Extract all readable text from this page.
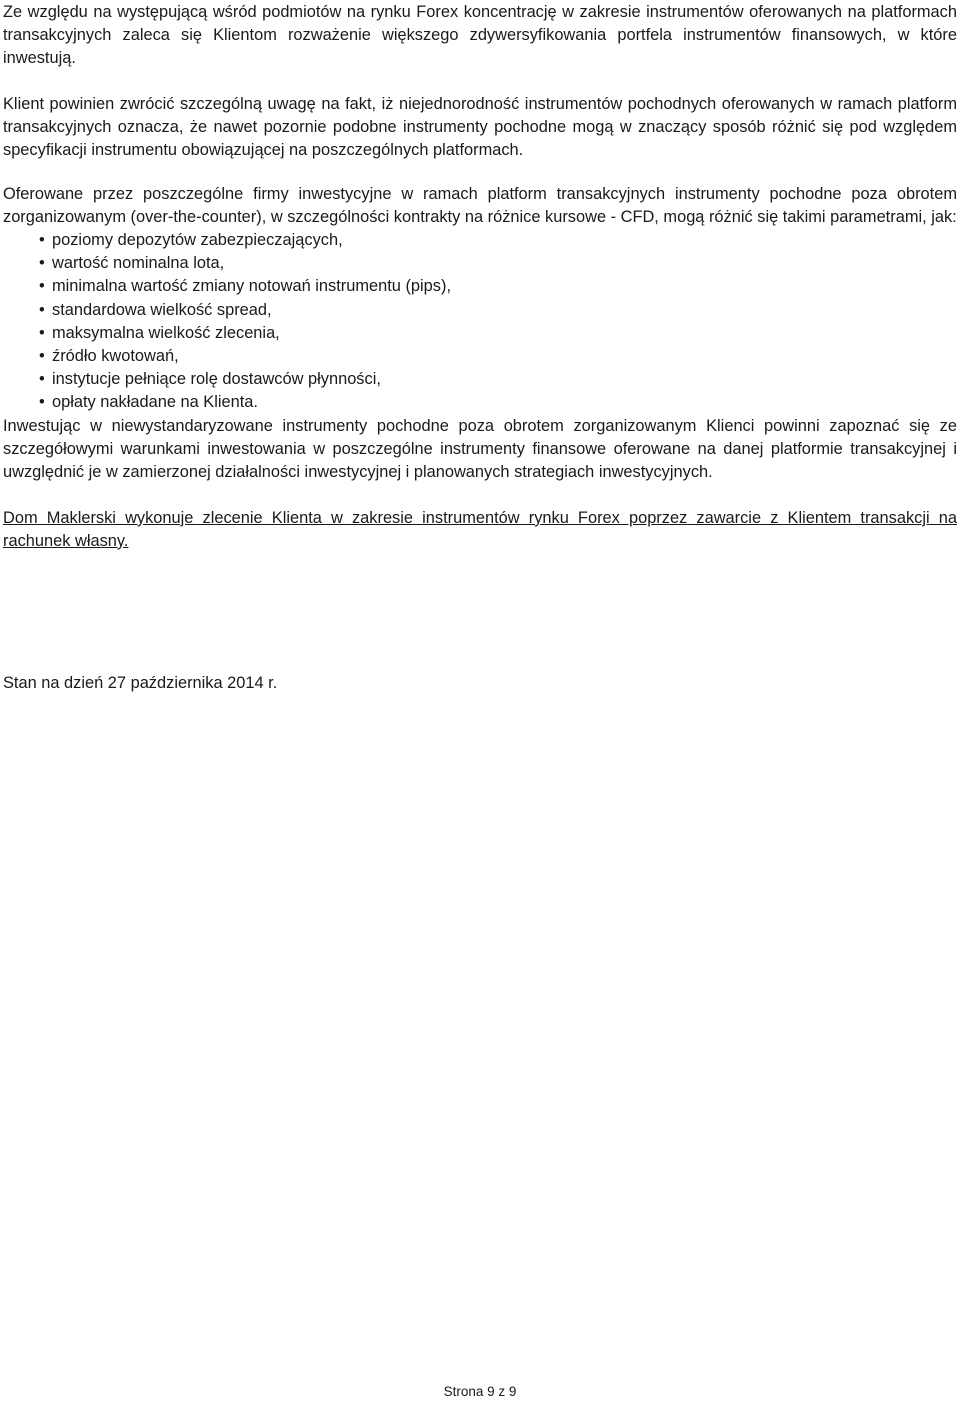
Ze względu na występującą wśród podmiotów na rynku Forex koncentrację w zakresie instrumentów oferowanych na platformach transakcyjnych zaleca się Klientom rozważenie większego zdywersyfikowania portfela instrumentów finansowych, w które inwestują.

Klient powinien zwrócić szczególną uwagę na fakt, iż niejednorodność instrumentów pochodnych oferowanych w ramach platform transakcyjnych oznacza, że nawet pozornie podobne instrumenty pochodne mogą w znaczący sposób różnić się pod względem specyfikacji instrumentu obowiązującej na poszczególnych platformach.

Oferowane przez poszczególne firmy inwestycyjne w ramach platform transakcyjnych instrumenty pochodne poza obrotem zorganizowanym (over-the-counter), w szczególności kontrakty na różnice kursowe - CFD, mogą różnić się takimi parametrami, jak:

• poziomy depozytów zabezpieczających,
• wartość nominalna lota,
• minimalna wartość zmiany notowań instrumentu (pips),
• standardowa wielkość spread,
• maksymalna wielkość zlecenia,
• źródło kwotowań,
• instytucje pełniące rolę dostawców płynności,
• opłaty nakładane na Klienta.

Inwestując w niewystandaryzowane instrumenty pochodne poza obrotem zorganizowanym Klienci powinni zapoznać się ze szczegółowymi warunkami inwestowania w poszczególne instrumenty finansowe oferowane na danej platformie transakcyjnej i uwzględnić je w zamierzonej działalności inwestycyjnej i planowanych strategiach inwestycyjnych.

Dom Maklerski wykonuje zlecenie Klienta w zakresie instrumentów rynku Forex poprzez zawarcie z Klientem transakcji na rachunek własny.

Stan na dzień 27 października 2014 r.
Strona 9 z 9
